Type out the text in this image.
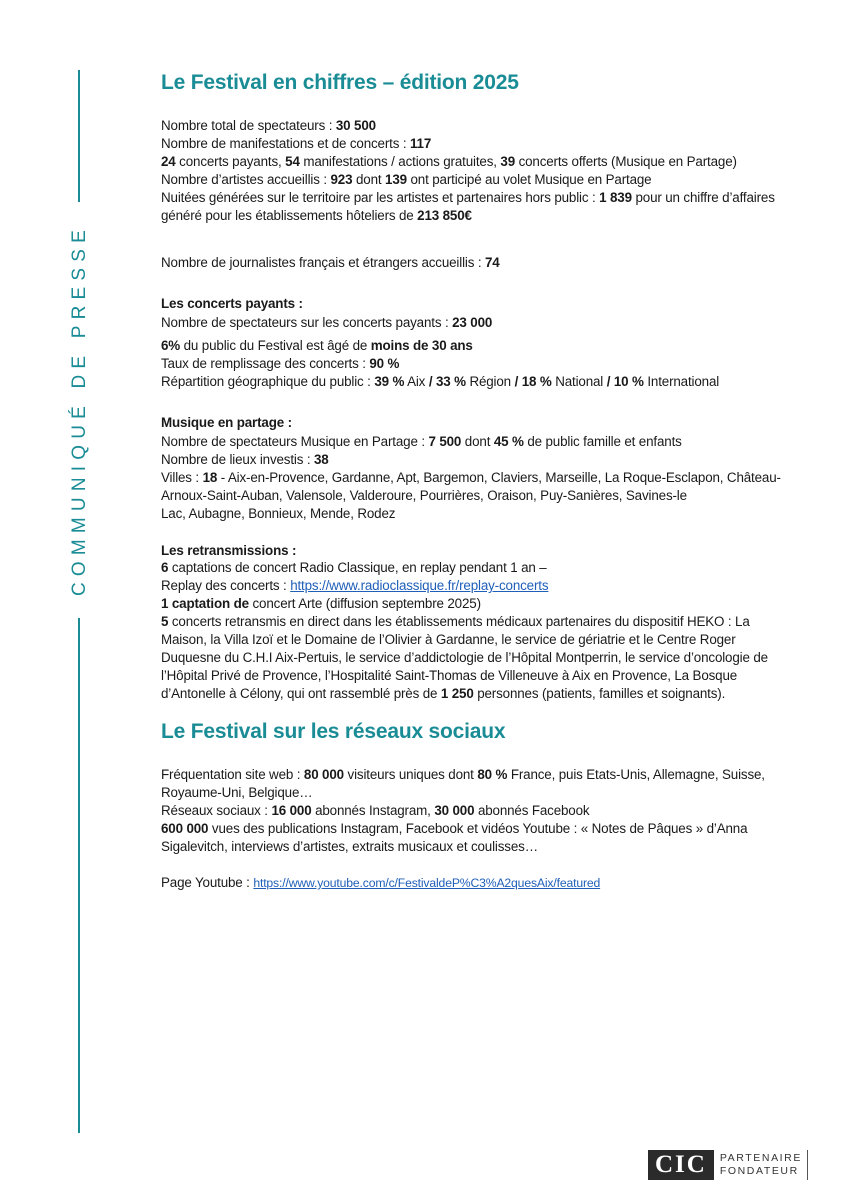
COMMUNIQUÉ DE PRESSE
Le Festival en chiffres – édition 2025
Nombre total de spectateurs : 30 500
Nombre de manifestations et de concerts : 117
24 concerts payants, 54 manifestations / actions gratuites, 39 concerts offerts (Musique en Partage)
Nombre d’artistes accueillis : 923 dont 139 ont participé au volet Musique en Partage
Nuitées générées sur le territoire par les artistes et partenaires hors public : 1 839 pour un chiffre d’affaires
généré pour les établissements hôteliers de 213 850€
Nombre de journalistes français et étrangers accueillis : 74
Les concerts payants :
Nombre de spectateurs sur les concerts payants : 23 000
6% du public du Festival est âgé de moins de 30 ans
Taux de remplissage des concerts : 90 %
Répartition géographique du public : 39 % Aix / 33 % Région / 18 % National / 10 % International
Musique en partage :
Nombre de spectateurs Musique en Partage : 7 500 dont 45 % de public famille et enfants
Nombre de lieux investis : 38
Villes : 18 - Aix-en-Provence, Gardanne, Apt, Bargemon, Claviers, Marseille, La Roque-Esclapon, Château-
Arnoux-Saint-Auban, Valensole, Valderoure, Pourrières, Oraison, Puy-Sanières, Savines-le
Lac, Aubagne, Bonnieux, Mende, Rodez
Les retransmissions :
6 captations de concert Radio Classique, en replay pendant 1 an –
Replay des concerts : https://www.radioclassique.fr/replay-concerts
1 captation de concert Arte (diffusion septembre 2025)
5 concerts retransmis en direct dans les établissements médicaux partenaires du dispositif HEKO : La
Maison, la Villa Izoï et le Domaine de l’Olivier à Gardanne, le service de gériatrie et le Centre Roger
Duquesne du C.H.I Aix-Pertuis, le service d’addictologie de l’Hôpital Montperrin, le service d’oncologie de
l’Hôpital Privé de Provence, l’Hospitalité Saint-Thomas de Villeneuve à Aix en Provence, La Bosque
d’Antonelle à Célony, qui ont rassemblé près de 1 250 personnes (patients, familles et soignants).
Le Festival sur les réseaux sociaux
Fréquentation site web : 80 000 visiteurs uniques dont 80 % France, puis Etats-Unis, Allemagne, Suisse,
Royaume-Uni, Belgique…
Réseaux sociaux : 16 000 abonnés Instagram, 30 000 abonnés Facebook
600 000 vues des publications Instagram, Facebook et vidéos Youtube : « Notes de Pâques » d’Anna
Sigalevitch, interviews d’artistes, extraits musicaux et coulisses…
Page Youtube : https://www.youtube.com/c/FestivaldeP%C3%A2quesAix/featured
CIC	PARTENAIRE
FONDATEUR
